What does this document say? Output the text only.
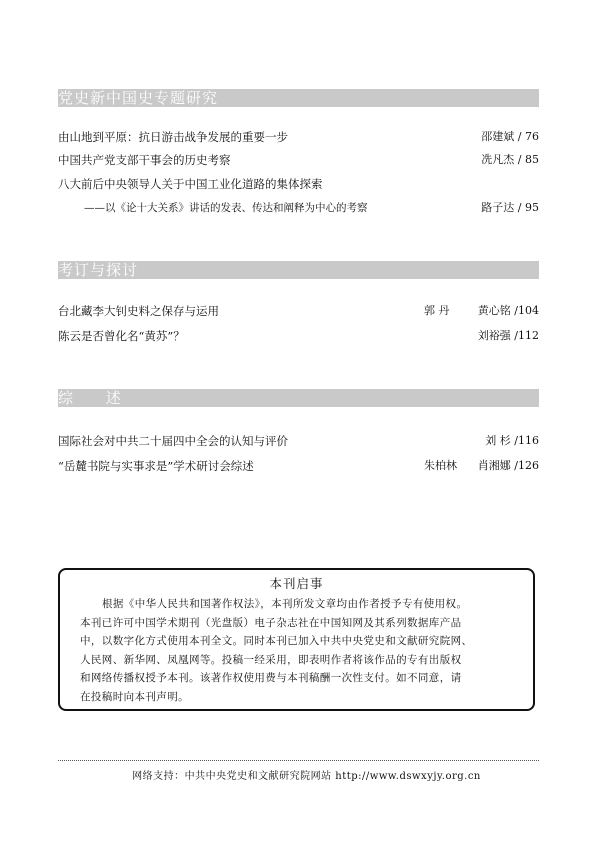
党史新中国史专题研究
由山地到平原：抗日游击战争发展的重要一步	邵建斌 / 76
中国共产党支部干事会的历史考察	冼凡杰 / 85
八大前后中央领导人关于中国工业化道路的集体探索
——以《论十大关系》讲话的发表、传达和阐释为中心的考察	路子达 / 95
考订与探讨
台北藏李大钊史料之保存与运用	郭 丹	黄心铭 /104
陈云是否曾化名“黄苏”？	刘裕强 /112
综 述
国际社会对中共二十届四中全会的认知与评价	刘 杉 /116
“岳麓书院与实事求是”学术研讨会综述	朱柏林 肖湘娜 /126
本刊启事
根据《中华人民共和国著作权法》，本刊所发文章均由作者授予专有使用权。
本刊已许可中国学术期刊（光盘版）电子杂志社在中国知网及其系列数据库产品
中，以数字化方式使用本刊全文。同时本刊已加入中共中央党史和文献研究院网、
人民网、新华网、凤凰网等。投稿一经采用，即表明作者将该作品的专有出版权
和网络传播权授予本刊。该著作权使用费与本刊稿酬一次性支付。如不同意，请
在投稿时向本刊声明。
网络支持：中共中央党史和文献研究院网站 http://www.dswxyjy.org.cn
